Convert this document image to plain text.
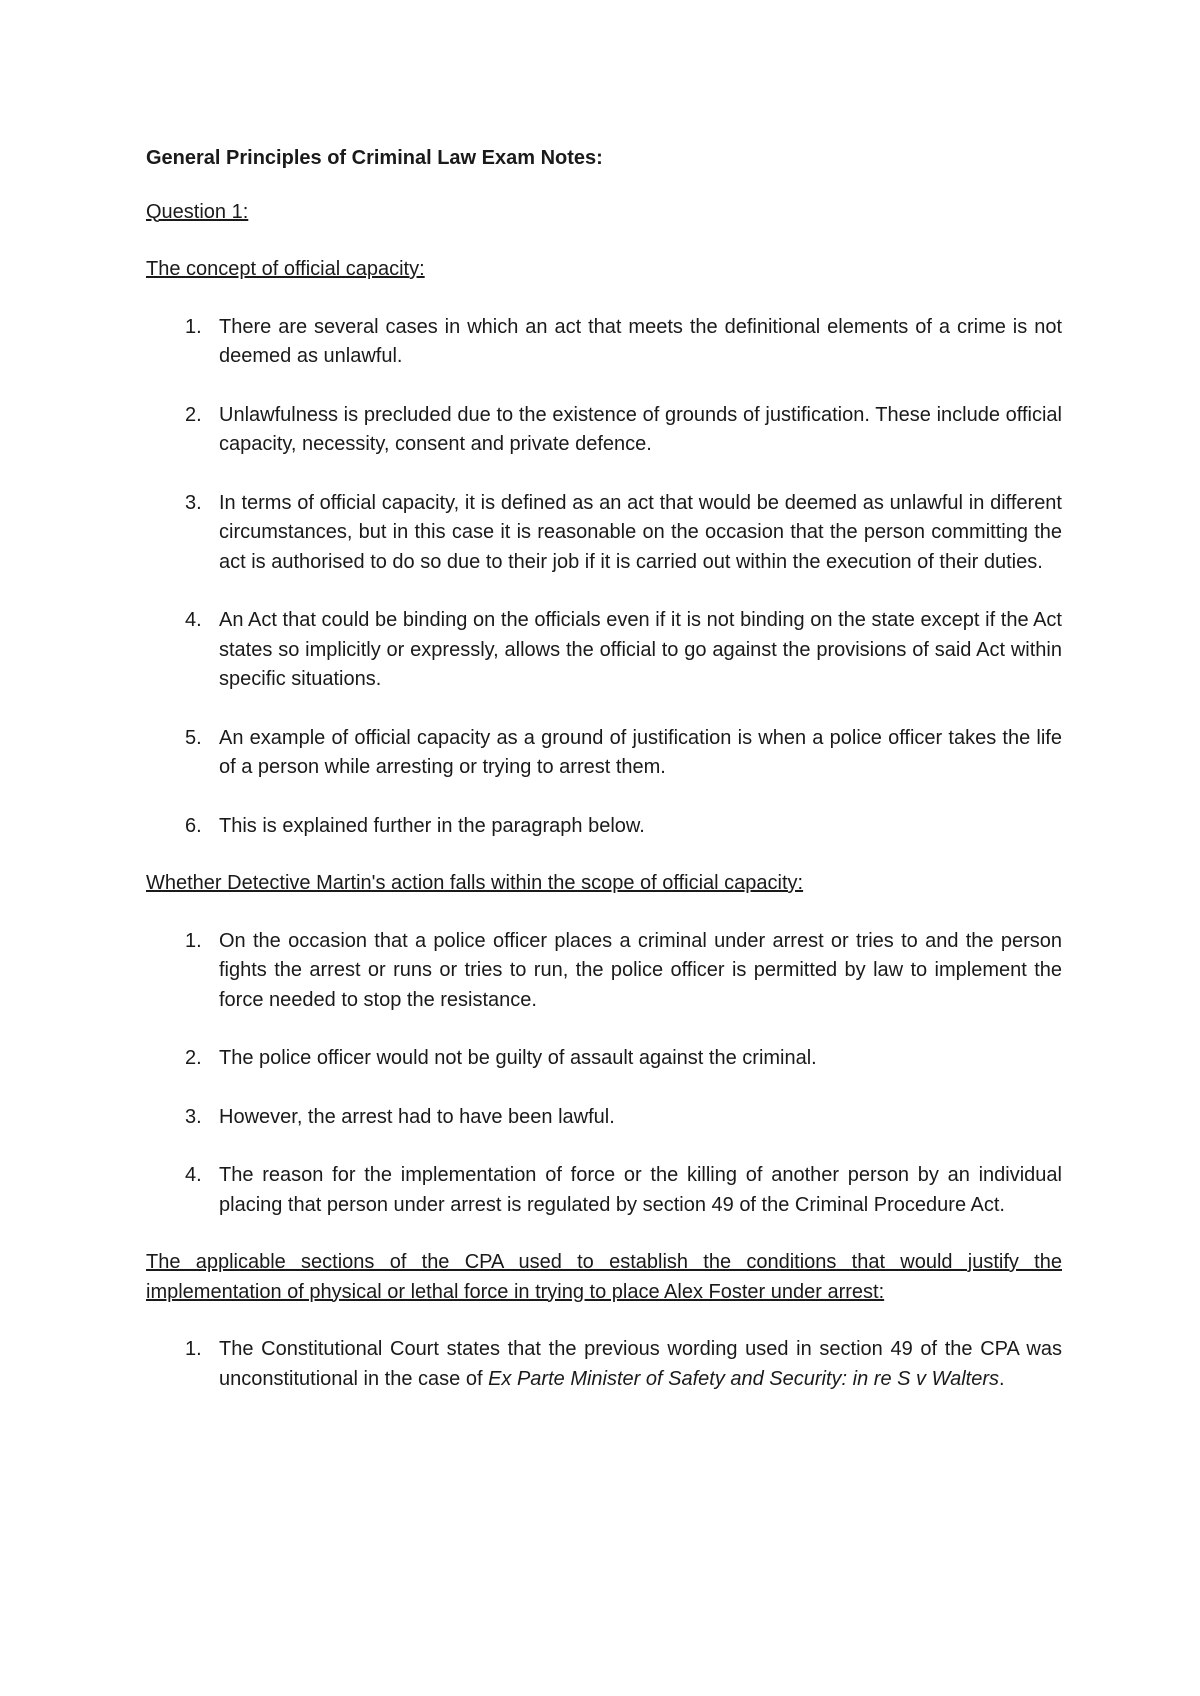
General Principles of Criminal Law Exam Notes:
Question 1:
The concept of official capacity:
1. There are several cases in which an act that meets the definitional elements of a crime is not deemed as unlawful.
2. Unlawfulness is precluded due to the existence of grounds of justification. These include official capacity, necessity, consent and private defence.
3. In terms of official capacity, it is defined as an act that would be deemed as unlawful in different circumstances, but in this case it is reasonable on the occasion that the person committing the act is authorised to do so due to their job if it is carried out within the execution of their duties.
4. An Act that could be binding on the officials even if it is not binding on the state except if the Act states so implicitly or expressly, allows the official to go against the provisions of said Act within specific situations.
5. An example of official capacity as a ground of justification is when a police officer takes the life of a person while arresting or trying to arrest them.
6. This is explained further in the paragraph below.
Whether Detective Martin's action falls within the scope of official capacity:
1. On the occasion that a police officer places a criminal under arrest or tries to and the person fights the arrest or runs or tries to run, the police officer is permitted by law to implement the force needed to stop the resistance.
2. The police officer would not be guilty of assault against the criminal.
3. However, the arrest had to have been lawful.
4. The reason for the implementation of force or the killing of another person by an individual placing that person under arrest is regulated by section 49 of the Criminal Procedure Act.
The applicable sections of the CPA used to establish the conditions that would justify the implementation of physical or lethal force in trying to place Alex Foster under arrest:
1. The Constitutional Court states that the previous wording used in section 49 of the CPA was unconstitutional in the case of Ex Parte Minister of Safety and Security: in re S v Walters.
